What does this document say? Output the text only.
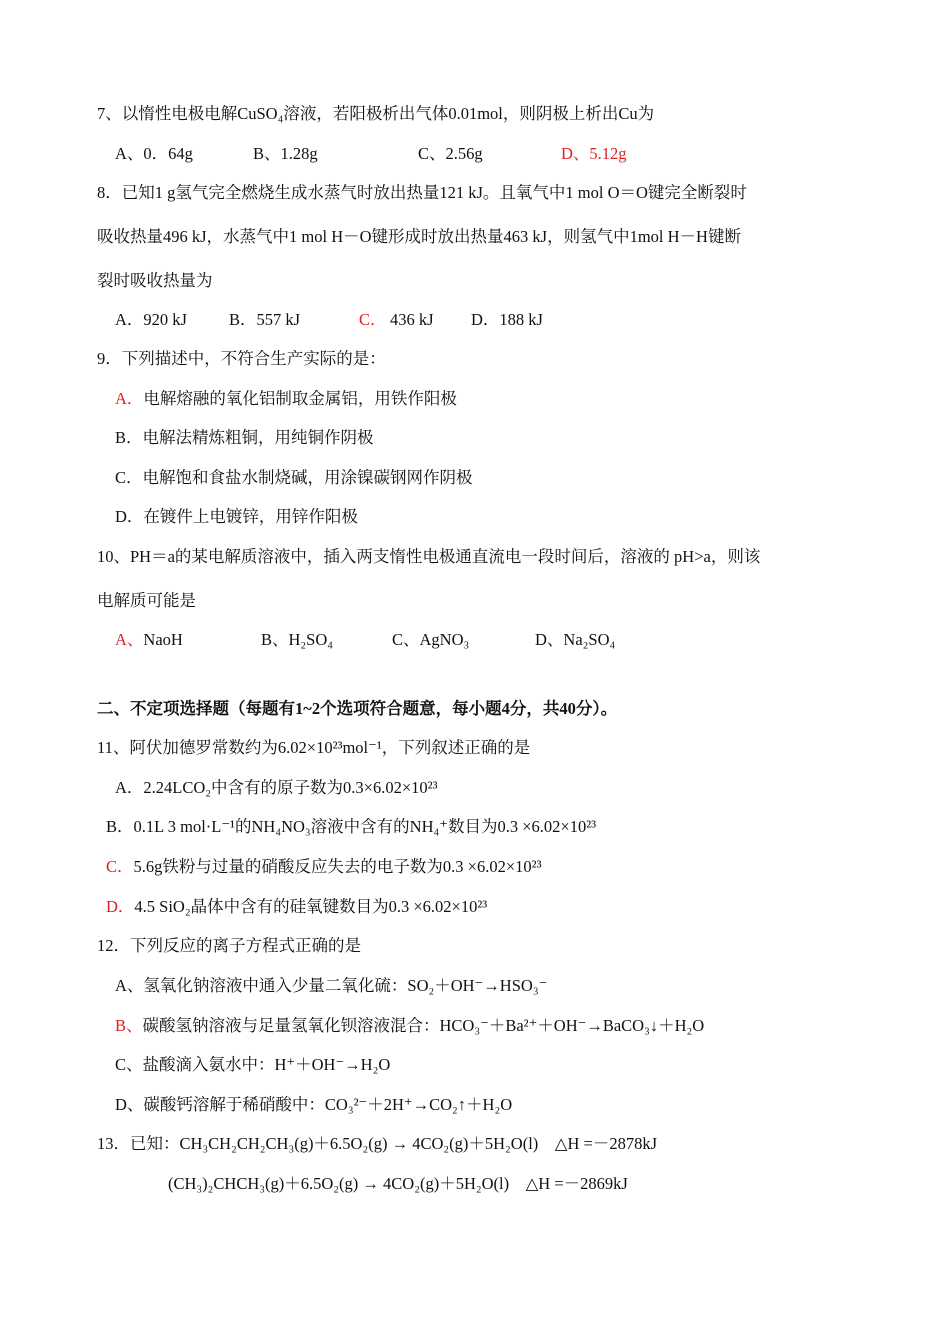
7、以惰性电极电解CuSO₄溶液，若阳极析出气体0.01mol，则阴极上析出Cu为
A、0．64g	B、1.28g	C、2.56g	D、5.12g
8．已知1 g氢气完全燃烧生成水蒸气时放出热量121 kJ。且氧气中1 mol O＝O键完全断裂时
吸收热量496 kJ，水蒸气中1 mol H－O键形成时放出热量463 kJ，则氢气中1mol H－H键断
裂时吸收热量为
A．920 kJ	B．557 kJ	C． 436 kJ D．188 kJ
9．下列描述中，不符合生产实际的是：
A．电解熔融的氧化铝制取金属铝，用铁作阳极
B．电解法精炼粗铜，用纯铜作阴极
C．电解饱和食盐水制烧碱，用涂镍碳钢网作阴极
D．在镀件上电镀锌，用锌作阳极
10、PH＝a的某电解质溶液中，插入两支惰性电极通直流电一段时间后，溶液的 pH>a，则该
电解质可能是
A、NaoH	B、H₂SO₄	C、AgNO₃	D、Na₂SO₄
二、不定项选择题（每题有1~2个选项符合题意，每小题4分，共40分）。
11、阿伏加德罗常数约为6.02×10²³mol⁻¹，下列叙述正确的是
A．2.24LCO₂中含有的原子数为0.3×6.02×10²³
B．0.1L 3 mol·L⁻¹的NH₄NO₃溶液中含有的NH₄⁺数目为0.3 ×6.02×10²³
C．5.6g铁粉与过量的硝酸反应失去的电子数为0.3 ×6.02×10²³
D．4.5 SiO₂晶体中含有的硅氧键数目为0.3 ×6.02×10²³
12．下列反应的离子方程式正确的是
A、氢氧化钠溶液中通入少量二氧化硫：SO₂＋OH⁻→HSO₃⁻
B、碳酸氢钠溶液与足量氢氧化钡溶液混合：HCO₃⁻＋Ba²⁺＋OH⁻→BaCO₃↓＋H₂O
C、盐酸滴入氨水中：H⁺＋OH⁻→H₂O
D、碳酸钙溶解于稀硝酸中：CO₃²⁻＋2H⁺→CO₂↑＋H₂O
13．已知：CH₃CH₂CH₂CH₃(g)＋6.5O₂(g) → 4CO₂(g)＋5H₂O(l)　△H =－2878kJ
(CH₃)₂CHCH₃(g)＋6.5O₂(g) → 4CO₂(g)＋5H₂O(l)　△H =－2869kJ
